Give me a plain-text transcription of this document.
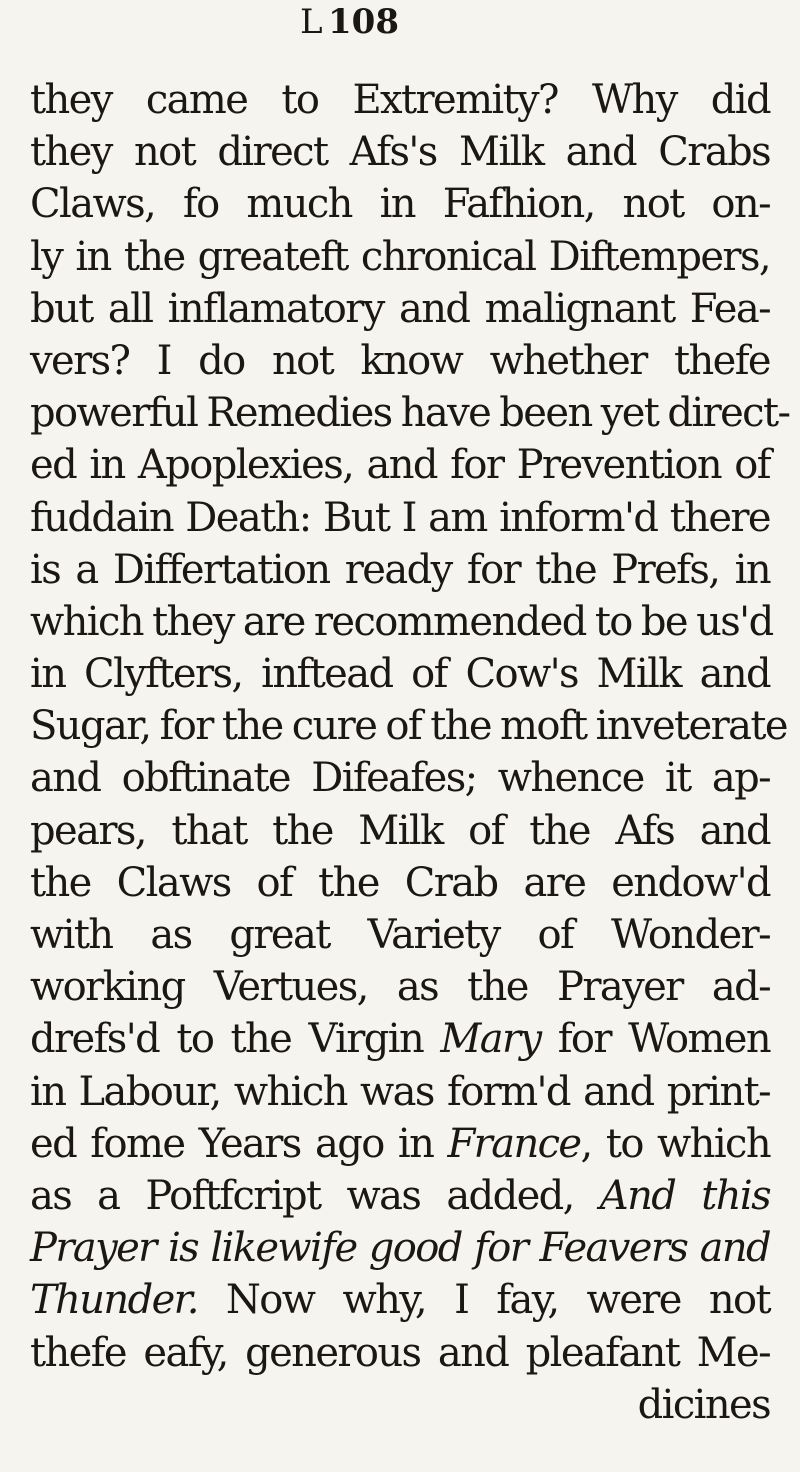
L 108
they came to Extremity? Why did
they not direct Afs's Milk and Crabs
Claws, fo much in Fafhion, not on-
ly in the greateft chronical Diftempers,
but all inflamatory and malignant Fea-
vers? I do not know whether thefe
powerful Remedies have been yet direct-
ed in Apoplexies, and for Prevention of
fuddain Death: But I am inform'd there
is a Differtation ready for the Prefs, in
which they are recommended to be us'd
in Clyfters, inftead of Cow's Milk and
Sugar, for the cure of the moft inveterate
and obftinate Difeafes; whence it ap-
pears, that the Milk of the Afs and
the Claws of the Crab are endow'd
with as great Variety of Wonder-
working Vertues, as the Prayer ad-
drefs'd to the Virgin Mary for Women
in Labour, which was form'd and print-
ed fome Years ago in France, to which
as a Poftfcript was added, And this
Prayer is likewife good for Feavers and
Thunder. Now why, I fay, were not
thefe eafy, generous and pleafant Me-
dicines
